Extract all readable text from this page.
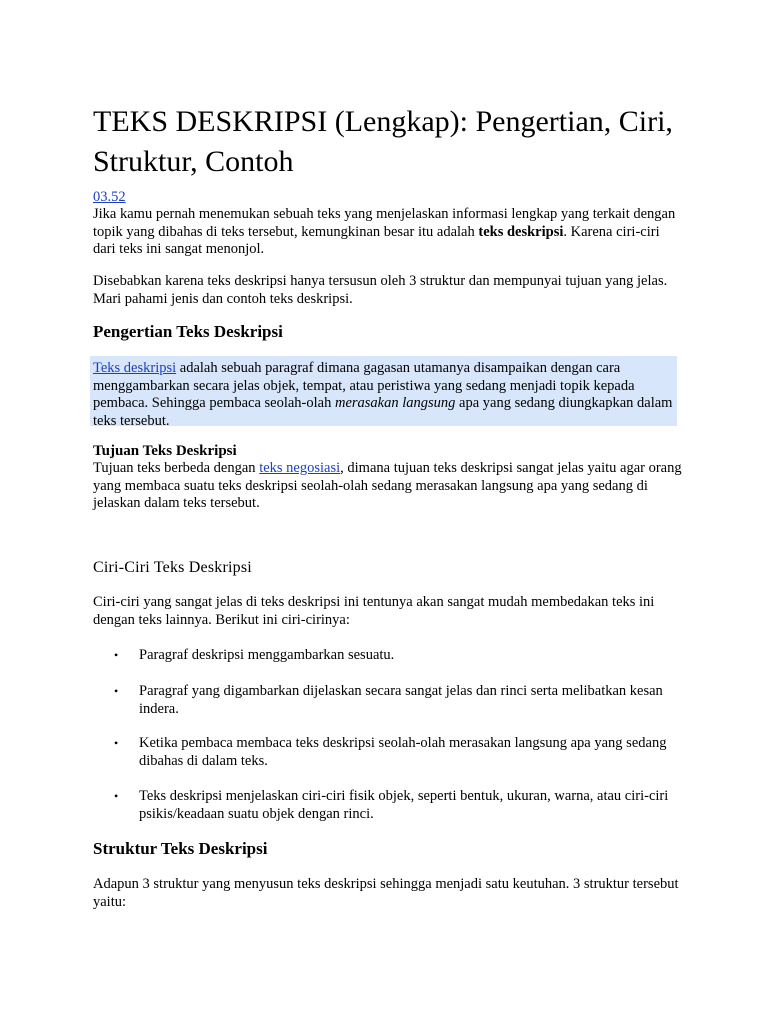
TEKS DESKRIPSI (Lengkap): Pengertian, Ciri, Struktur, Contoh
03.52

Jika kamu pernah menemukan sebuah teks yang menjelaskan informasi lengkap yang terkait dengan topik yang dibahas di teks tersebut, kemungkinan besar itu adalah teks deskripsi. Karena ciri-ciri dari teks ini sangat menonjol.

Disebabkan karena teks deskripsi hanya tersusun oleh 3 struktur dan mempunyai tujuan yang jelas. Mari pahami jenis dan contoh teks deskripsi.

Pengertian Teks Deskripsi

Teks deskripsi adalah sebuah paragraf dimana gagasan utamanya disampaikan dengan cara menggambarkan secara jelas objek, tempat, atau peristiwa yang sedang menjadi topik kepada pembaca. Sehingga pembaca seolah-olah merasakan langsung apa yang sedang diungkapkan dalam teks tersebut.

Tujuan Teks Deskripsi

Tujuan teks berbeda dengan teks negosiasi, dimana tujuan teks deskripsi sangat jelas yaitu agar orang yang membaca suatu teks deskripsi seolah-olah sedang merasakan langsung apa yang sedang di jelaskan dalam teks tersebut.

Ciri-Ciri Teks Deskripsi

Ciri-ciri yang sangat jelas di teks deskripsi ini tentunya akan sangat mudah membedakan teks ini dengan teks lainnya. Berikut ini ciri-cirinya:

• Paragraf deskripsi menggambarkan sesuatu.

• Paragraf yang digambarkan dijelaskan secara sangat jelas dan rinci serta melibatkan kesan indera.

• Ketika pembaca membaca teks deskripsi seolah-olah merasakan langsung apa yang sedang dibahas di dalam teks.

• Teks deskripsi menjelaskan ciri-ciri fisik objek, seperti bentuk, ukuran, warna, atau ciri-ciri psikis/keadaan suatu objek dengan rinci.

Struktur Teks Deskripsi

Adapun 3 struktur yang menyusun teks deskripsi sehingga menjadi satu keutuhan. 3 struktur tersebut yaitu:
